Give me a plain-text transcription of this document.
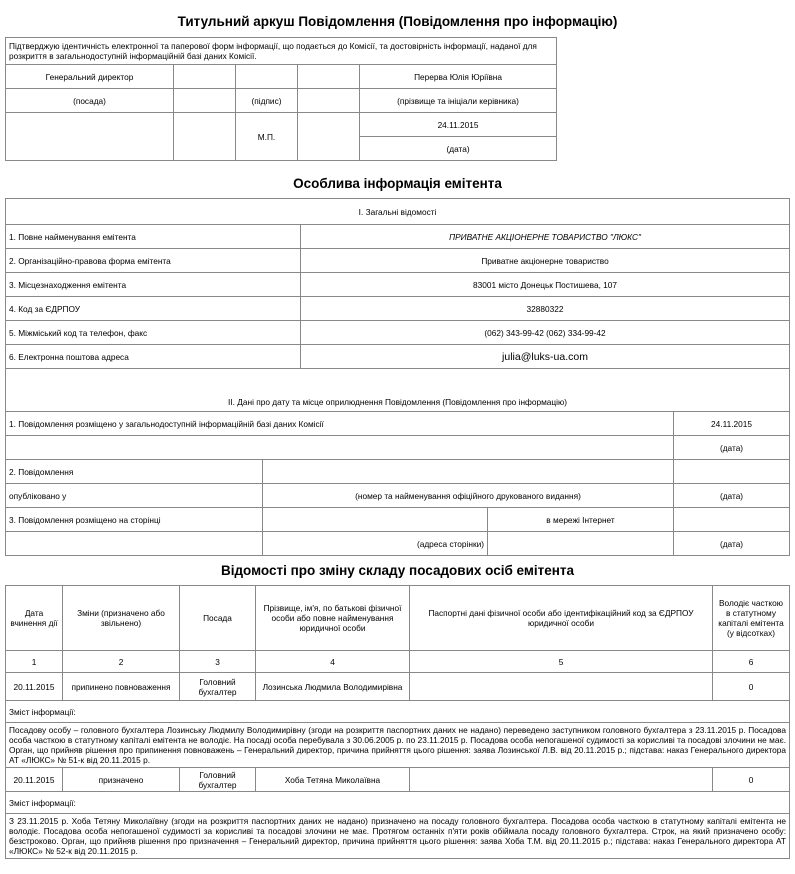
Титульний аркуш Повідомлення (Повідомлення про інформацію)
Підтверджую ідентичність електронної та паперової форм інформації, що подається до Комісії, та достовірність інформації, наданої для розкриття в загальнодоступній інформаційній базі даних Комісії.				
Генеральний директор				Перерва Юлія Юріївна
(посада)		(підпис)		(прізвище та ініціали керівника)
		М.П.		24.11.2015
				(дата)
Особлива інформація емітента
I. Загальні відомості				
1. Повне найменування емітента		ПРИВАТНЕ АКЦIОНЕРНЕ ТОВАРИСТВО "ЛЮКС"		
2. Організаційно-правова форма емітента		Приватне акціонерне товариство		
3. Місцезнаходження емітента		83001 місто Донецьк Постишева, 107		
4. Код за ЄДРПОУ		32880322		
5. Міжміський код та телефон, факс		(062) 343-99-42 (062) 334-99-42		
6. Електронна поштова адреса		julia@luks-ua.com		
II. Дані про дату та місце оприлюднення Повідомлення (Повідомлення про інформацію)				
1. Повідомлення розміщено у загальнодоступній інформаційній базі даних Комісії				24.11.2015
				(дата)
2. Повідомлення				
опубліковано у	(номер та найменування офіційного друкованого видання)			(дата)
3. Повідомлення розміщено на сторінці			в мережі Інтернет	
	(адреса сторінки)			(дата)
Відомості про зміну складу посадових осіб емітента
Дата вчинення дії	Зміни (призначено або звільнено)	Посада	Прізвище, ім'я, по батькові фізичної особи або повне найменування юридичної особи	Паспортні дані фізичної особи або ідентифікаційний код за ЄДРПОУ юридичної особи	Володіє часткою в статутному капіталі емітента (у відсотках)
1	2	3	4	5	6
20.11.2015	припинено повноваження	Головний бухгалтер	Лозинська Людмила Володимирівна		0
Зміст інформації:					
Посадову особу – головного бухгалтера Лозинську Людмилу Володимирівну (згоди на розкриття паспортних даних не надано) переведено заступником головного бухгалтера з 23.11.2015 р. Посадова особа часткою в статутному капіталі емітента не володіє. На посаді особа перебувала з 30.06.2005 р. по 23.11.2015 р. Посадова особа непогашеної судимості за корисливі та посадові злочини не має. Орган, що прийняв рішення про припинення повноважень – Генеральний директор, причина прийняття цього рішення: заява Лозинської Л.В. від 20.11.2015 р.; підстава: наказ Генерального директора АТ «ЛЮКС» № 51-к від 20.11.2015 р.					
20.11.2015	призначено	Головний бухгалтер	Хоба Тетяна Миколаївна		0
Зміст інформації:					
З 23.11.2015 р. Хоба Тетяну Миколаївну (згоди на розкриття паспортних даних не надано) призначено на посаду головного бухгалтера. Посадова особа часткою в статутному капіталі емітента не володіє. Посадова особа непогашеної судимості за корисливі та посадові злочини не має. Протягом останніх п'яти років обіймала посаду головного бухгалтера. Строк, на який призначено особу: безстроково. Орган, що прийняв рішення про призначення – Генеральний директор, причина прийняття цього рішення: заява Хоба Т.М. від 20.11.2015 р.; підстава: наказ Генерального директора АТ «ЛЮКС» № 52-к від 20.11.2015 р.					
